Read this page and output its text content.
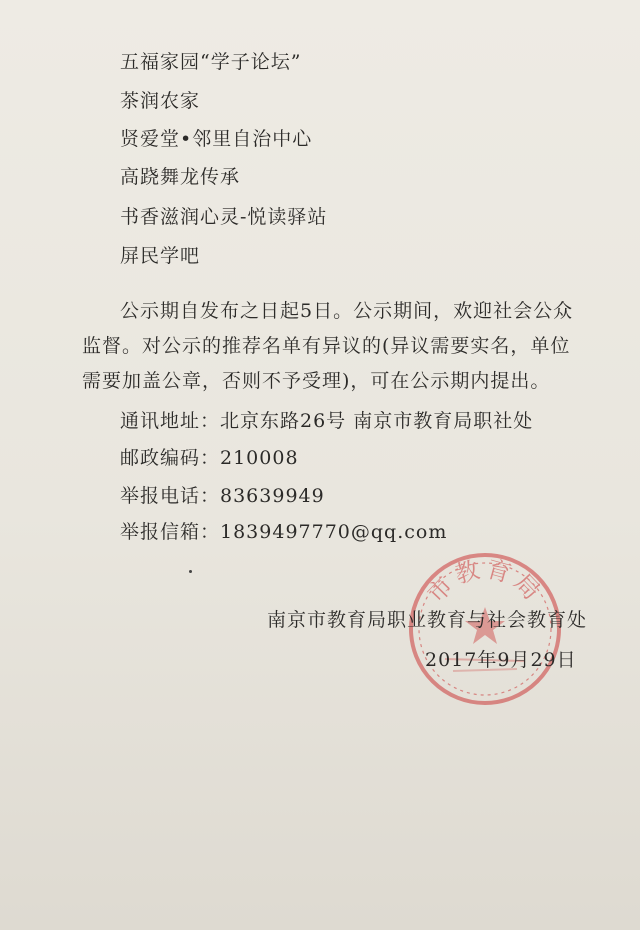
五福家园“学子论坛”
茶润农家
贤爱堂•邻里自治中心
高跷舞龙传承
书香滋润心灵-悦读驿站
屏民学吧
公示期自发布之日起5日。公示期间，欢迎社会公众监督。对公示的推荐名单有异议的(异议需要实名，单位需要加盖公章，否则不予受理)，可在公示期内提出。
通讯地址：北京东路26号 南京市教育局职社处
邮政编码：210008
举报电话：83639949
举报信箱：1839497770@qq.com
市教育局
南京市教育局职业教育与社会教育处
2017年9月29日
